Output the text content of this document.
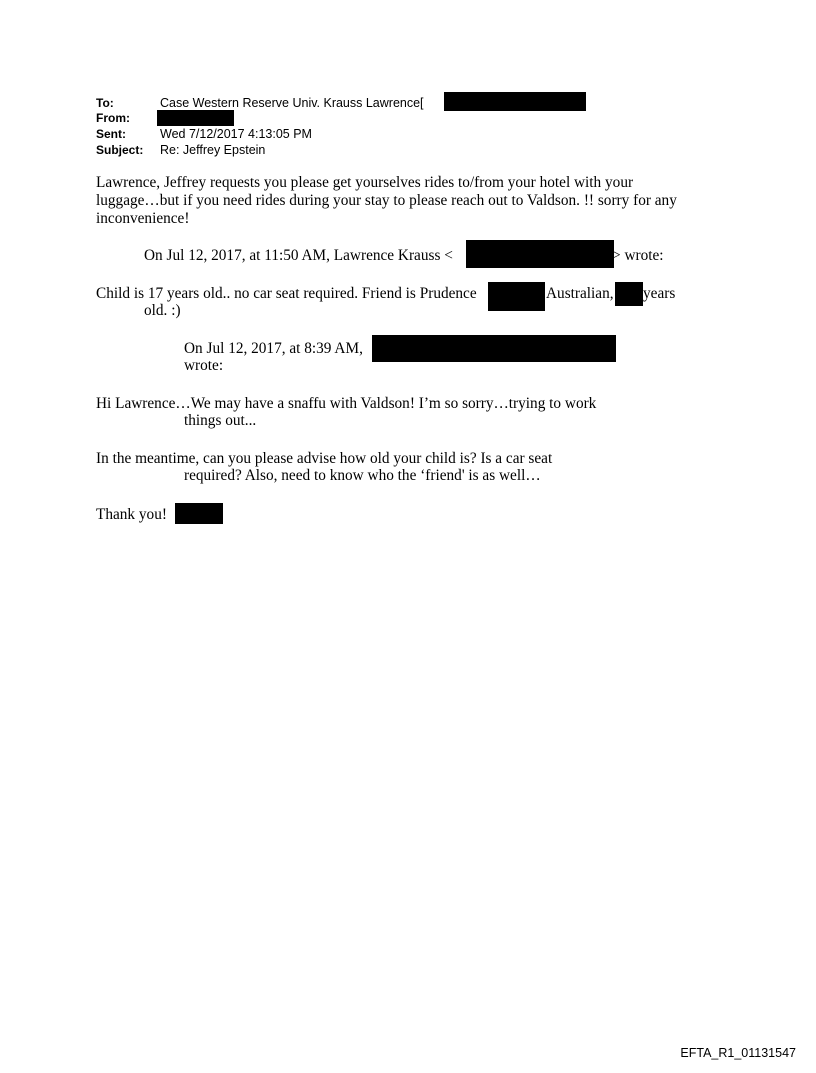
To:	Case Western Reserve Univ. Krauss Lawrence[
From:
Sent:	Wed 7/12/2017 4:13:05 PM
Subject: Re: Jeffrey Epstein
Lawrence, Jeffrey requests you please get yourselves rides to/from your hotel with your
luggage…but if you need rides during your stay to please reach out to Valdson. !! sorry for any
inconvenience!
On Jul 12, 2017, at 11:50 AM, Lawrence Krauss <	> wrote:
Child is 17 years old.. no car seat required. Friend is Prudence	Australian, years
old. :)
On Jul 12, 2017, at 8:39 AM,
wrote:
Hi Lawrence…We may have a snaffu with Valdson! I’m so sorry…trying to work
things out...
In the meantime, can you please advise how old your child is? Is a car seat
required? Also, need to know who the ‘friend' is as well…
Thank you!
EFTA_R1_01131547
